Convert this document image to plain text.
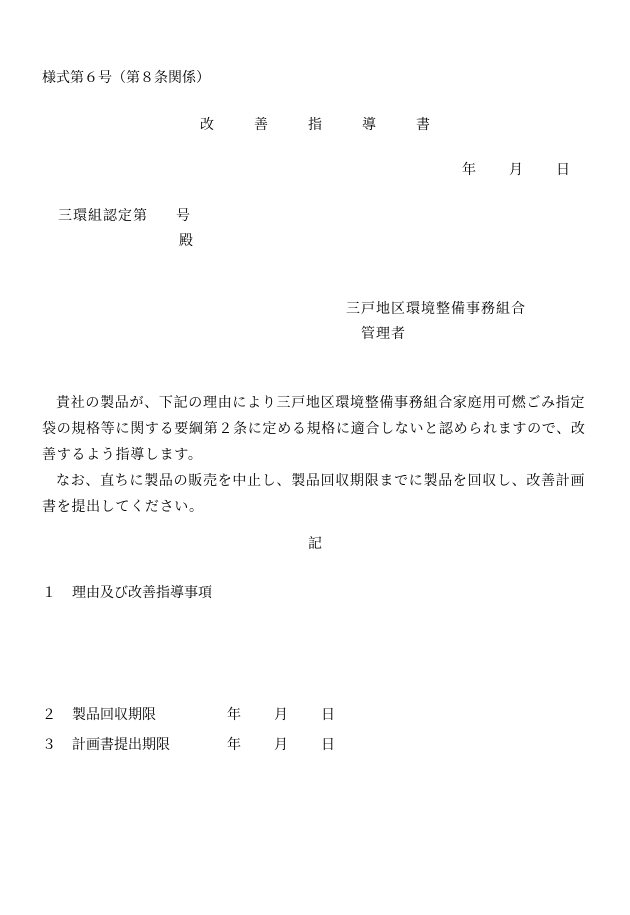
様式第６号（第８条関係）
改	善	指	導	書
年 月 日
三環組認定第 号
殿
三戸地区環境整備事務組合
管理者

貴社の製品が、下記の理由により三戸地区環境整備事務組合家庭用可燃ごみ指定袋の規格等に関する要綱第２条に定める規格に適合しないと認められますので、改善するよう指導します。

なお、直ちに製品の販売を中止し、製品回収期限までに製品を回収し、改善計画書を提出してください。

記
１ 理由及び改善指導事項
２ 製品回収期限	年 月 日
３ 計画書提出期限	年 月 日
